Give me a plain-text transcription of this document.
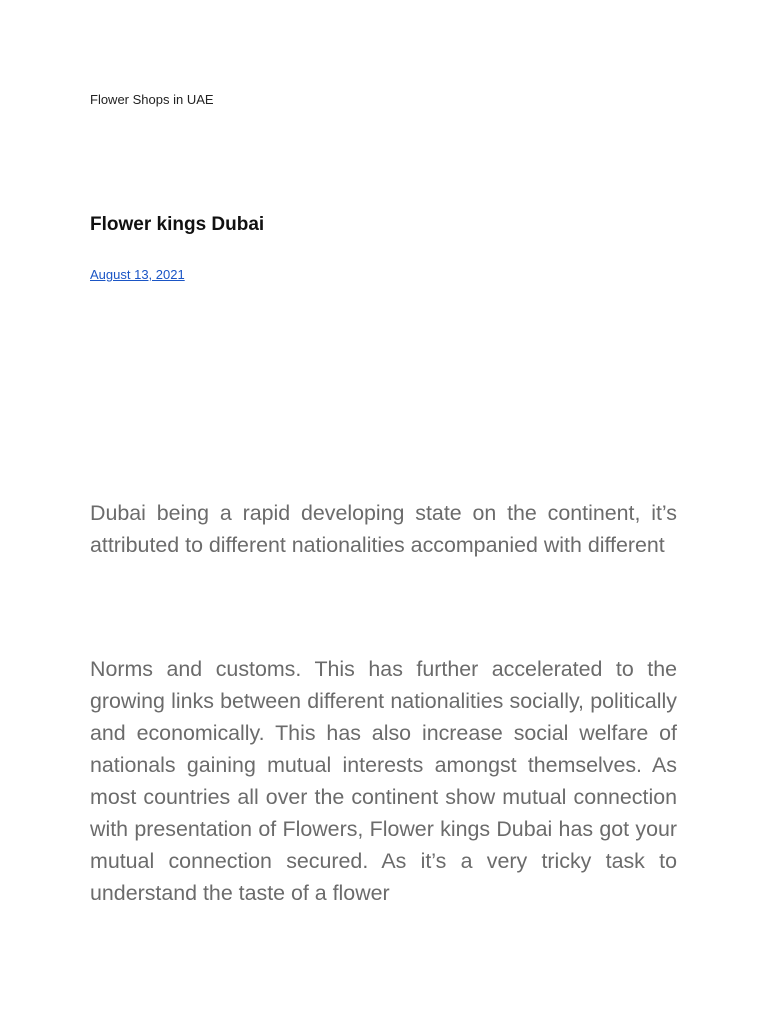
Flower Shops in UAE
Flower kings Dubai
August 13, 2021

Dubai being a rapid developing state on the continent, it’s attributed to different nationalities accompanied with different

Norms and customs. This has further accelerated to the growing links between different nationalities socially, politically and economically. This has also increase social welfare of nationals gaining mutual interests amongst themselves. As most countries all over the continent show mutual connection with presentation of Flowers, Flower kings Dubai has got your mutual connection secured. As it’s a very tricky task to understand the taste of a flower
